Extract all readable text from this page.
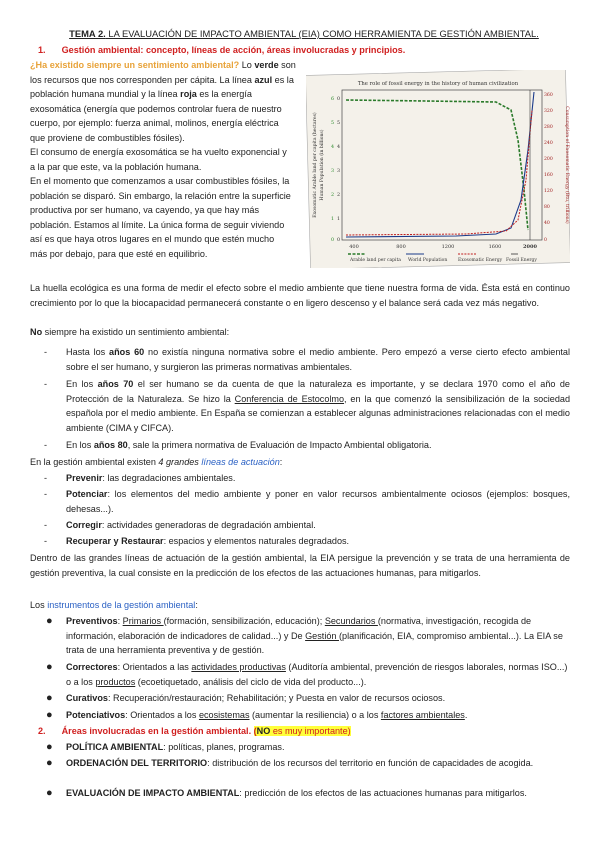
TEMA 2. LA EVALUACIÓN DE IMPACTO AMBIENTAL (EIA) COMO HERRAMIENTA DE GESTIÓN AMBIENTAL.

1. Gestión ambiental: concepto, líneas de acción, áreas involucradas y principios.

¿Ha existido siempre un sentimiento ambiental? Lo verde son

los recursos que nos corresponden per cápita. La línea azul es la

población humana mundial y la línea roja es la energía

exosomática (energía que podemos controlar fuera de nuestro

cuerpo, por ejemplo: fuerza animal, molinos, energía eléctrica

que proviene de combustibles fósiles).

El consumo de energía exosomática se ha vuelto exponencial y

a la par que este, va la población humana.

En el momento que comenzamos a usar combustibles fósiles, la

población se disparó. Sin embargo, la relación entre la superficie

productiva por ser humano, va cayendo, ya que hay más

población. Estamos al límite. La única forma de seguir viviendo

así es que haya otros lugares en el mundo que estén mucho

más por debajo, para que esté en equilibrio.

The role of fossil energy in the history of human civilization
Exosomatic Arable land per capita (hectares) Human Population (in billions)	Consumption of Exosomatic Energy (Btu, trillions)
6
5
4
3
2
1
0
0
5
4
3
2
1
0
360
320
280
240
200
160
120
80
40
0
400	800	1200	1600	2000
Arable land per capita World Population Exosomatic Energy Fossil Energy

La huella ecológica es una forma de medir el efecto sobre el medio ambiente que tiene nuestra forma de vida. Ésta está en continuo crecimiento por lo que la biocapacidad permanecerá constante o en ligero descenso y el balance será cada vez más negativo.

No siempre ha existido un sentimiento ambiental:

- Hasta los años 60 no existía ninguna normativa sobre el medio ambiente. Pero empezó a verse cierto efecto ambiental sobre el ser humano, y surgieron las primeras normativas ambientales.

- En los años 70 el ser humano se da cuenta de que la naturaleza es importante, y se declara 1970 como el año de Protección de la Naturaleza. Se hizo la Conferencia de Estocolmo, en la que comenzó la sensibilización de la sociedad española por el medio ambiente. En España se comienzan a establecer algunas administraciones relacionadas con el medio ambiente (CIMA y CIFCA).

- En los años 80, sale la primera normativa de Evaluación de Impacto Ambiental obligatoria.

En la gestión ambiental existen 4 grandes líneas de actuación:

- Prevenir: las degradaciones ambientales.

- Potenciar: los elementos del medio ambiente y poner en valor recursos ambientalmente ociosos (ejemplos: bosques, dehesas...).

- Corregir: actividades generadoras de degradación ambiental.

- Recuperar y Restaurar: espacios y elementos naturales degradados.

Dentro de las grandes líneas de actuación de la gestión ambiental, la EIA persigue la prevención y se trata de una herramienta de gestión preventiva, la cual consiste en la predicción de los efectos de las actuaciones humanas, para mitigarlos.

Los instrumentos de la gestión ambiental:

● Preventivos: Primarios (formación, sensibilización, educación); Secundarios (normativa, investigación, recogida de información, elaboración de indicadores de calidad...) y De Gestión (planificación, EIA, compromiso ambiental...). La EIA se trata de una herramienta preventiva y de gestión.

● Correctores: Orientados a las actividades productivas (Auditoría ambiental, prevención de riesgos laborales, normas ISO...) o a los productos (ecoetiquetado, análisis del ciclo de vida del producto...).

● Curativos: Recuperación/restauración; Rehabilitación; y Puesta en valor de recursos ociosos.

● Potenciativos: Orientados a los ecosistemas (aumentar la resiliencia) o a los factores ambientales.

2. Áreas involucradas en la gestión ambiental. (NO es muy importante)

● POLÍTICA AMBIENTAL: políticas, planes, programas.

● ORDENACIÓN DEL TERRITORIO: distribución de los recursos del territorio en función de capacidades de acogida.

● EVALUACIÓN DE IMPACTO AMBIENTAL: predicción de los efectos de las actuaciones humanas para mitigarlos.
